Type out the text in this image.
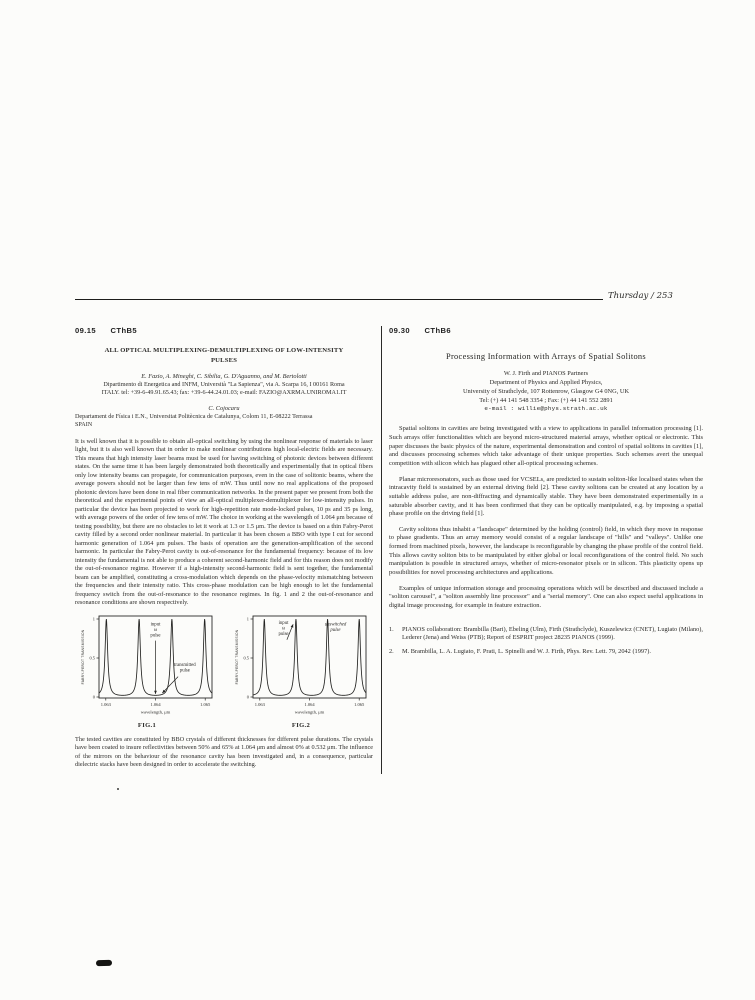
Thursday / 253
09.15 CThB5
ALL OPTICAL MULTIPLEXING-DEMULTIPLEXING OF LOW-INTENSITY
PULSES
E. Fazio, A. Mineghi, C. Sibilia, G. D'Aguanno, and M. Bertolotti
Dipartimento di Energetica and INFM, Università "La Sapienza", via A. Scarpa 16, I 00161 Roma
ITALY. tel: +39-6-49.91.65.43; fax: +39-6-44.24.01.03; e-mail: FAZIO@AXRMA.UNIROMA1.IT
C. Cojocaru
Departament de Física i E.N., Universitat Politècnica de Catalunya, Colom 11, E-08222 Terrassa
SPAIN
It is well known that it is possible to obtain all-optical switching by using the nonlinear response of materials to laser light, but it is also well known that in order to make nonlinear contributions high local-electric fields are necessary. This means that high intensity laser beams must be used for having switching of photonic devices between different states. On the same time it has been largely demonstrated both theoretically and experimentally that in optical fibers only low intensity beams can propagate, for communication purposes, even in the case of solitonic beams, where the average powers should not be larger than few tens of mW. Thus until now no real applications of the proposed photonic devices have been done in real fiber communication networks. In the present paper we present from both the theoretical and the experimental points of view an all-optical multiplexer-demultiplexer for low-intensity pulses. In particular the device has been projected to work for high-repetition rate mode-locked pulses, 10 ps and 35 ps long, with average powers of the order of few tens of mW. The choice in working at the wavelength of 1.064 μm because of testing possibility, but there are no obstacles to let it work at 1.3 or 1.5 μm. The device is based on a thin Fabry-Perot cavity filled by a second order nonlinear material. In particular it has been chosen a BBO with type I cut for second harmonic generation of 1.064 μm pulses. The basis of operation are the generation-amplification of the second harmonic. In particular the Fabry-Perot cavity is out-of-resonance for the fundamental frequency: because of its low intensity the fundamental is not able to produce a coherent second-harmonic field and for this reason does not modify the out-of-resonance regime. However if a high-intensity second-harmonic field is sent together, the fundamental beam can be amplified, constituting a cross-modulation which depends on the phase-velocity mismatching between the frequencies and their intensity ratio. This cross-phase modulation can be high enough to let the fundamental frequency switch from the out-of-resonance to the resonance regimes. In fig. 1 and 2 the out-of-resonance and resonance conditions are shown respectively.
1
0.5
0
FABRY-PEROT TRANSMISSION
1.063	1.064	1.065
wavelength, μm
input
ω
pulse
transmitted
pulse
FIG.1
1
0.5
0
FABRY-PEROT TRANSMISSION
1.063	1.064	1.065
wavelength, μm
input
ω
pulse
unswitched
pulse
FIG.2
The tested cavities are constituted by BBO crystals of different thicknesses for different pulse durations. The crystals have been coated to insure reflectivities between 50% and 65% at 1.064 μm and almost 0% at 0.532 μm. The influence of the mirrors on the behaviour of the resonance cavity has been investigated and, in a consequence, particular dielectric stacks have been designed in order to accelerate the switching.
09.30 CThB6
Processing Information with Arrays of Spatial Solitons
W. J. Firth and PIANOS Partners
Department of Physics and Applied Physics,
University of Strathclyde, 107 Rottenrow, Glasgow G4 0NG, UK
Tel: (+) 44 141 548 3354 ; Fax: (+) 44 141 552 2891
e-mail : willie@phys.strath.ac.uk
Spatial solitons in cavities are being investigated with a view to applications in parallel information processing [1]. Such arrays offer functionalities which are beyond micro-structured material arrays, whether optical or electronic. This paper discusses the basic physics of the nature, experimental demonstration and control of spatial solitons in cavities [1], and discusses processing schemes which take advantage of their unique properties. Such schemes avert the unequal competition with silicon which has plagued other all-optical processing schemes.
Planar microresonators, such as those used for VCSELs, are predicted to sustain soliton-like localised states when the intracavity field is sustained by an external driving field [2]. These cavity solitons can be created at any location by a suitable address pulse, are non-diffracting and dynamically stable. They have been demonstrated experimentally in a saturable absorber cavity, and it has been confirmed that they can be optically manipulated, e.g. by imposing a spatial phase profile on the driving field [1].
Cavity solitons thus inhabit a "landscape" determined by the holding (control) field, in which they move in response to phase gradients. Thus an array memory would consist of a regular landscape of "hills" and "valleys". Unlike one formed from machined pixels, however, the landscape is reconfigurable by changing the phase profile of the control field. This allows cavity soliton bits to be manipulated by either global or local reconfigurations of the control field. No such manipulation is possible in structured arrays, whether of micro-resonator pixels or in silicon. This plasticity opens up possibilities for novel processing architectures and applications.
Examples of unique information storage and processing operations which will be described and discussed include a "soliton carousel", a "soliton assembly line processor" and a "serial memory". One can also expect useful applications in digital image processing, for example in feature extraction.
1.	PIANOS collaboration: Brambilla (Bari), Ebeling (Ulm), Firth (Strathclyde), Kuszelewicz (CNET), Lugiato (Milano), Lederer (Jena) and Weiss (PTB); Report of ESPRIT project 28235 PIANOS (1999).
2.	M. Brambilla, L. A. Lugiato, F. Prati, L. Spinelli and W. J. Firth, Phys. Rev. Lett. 79, 2042 (1997).
